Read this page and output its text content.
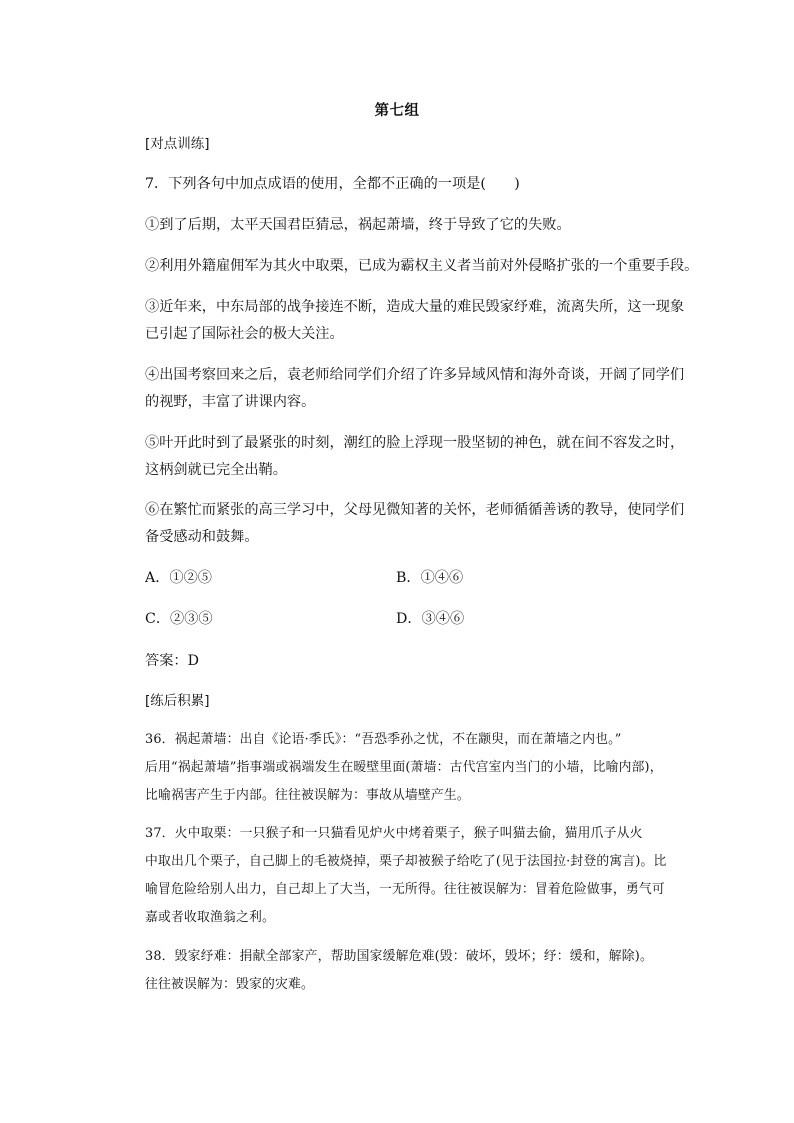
第七组
[对点训练]
7．下列各句中加点成语的使用，全都不正确的一项是(　　)
①到了后期，太平天国君臣猜忌，祸起萧墙，终于导致了它的失败。
②利用外籍雇佣军为其火中取栗，已成为霸权主义者当前对外侵略扩张的一个重要手段。
③近年来，中东局部的战争接连不断，造成大量的难民毁家纾难，流离失所，这一现象
已引起了国际社会的极大关注。
④出国考察回来之后，袁老师给同学们介绍了许多异域风情和海外奇谈，开阔了同学们
的视野，丰富了讲课内容。
⑤叶开此时到了最紧张的时刻，潮红的脸上浮现一股坚韧的神色，就在间不容发之时，
这柄剑就已完全出鞘。
⑥在繁忙而紧张的高三学习中，父母见微知著的关怀，老师循循善诱的教导，使同学们
备受感动和鼓舞。
A．①②⑤	B．①④⑥
C．②③⑤	D．③④⑥
答案：D
[练后积累]
36．祸起萧墙：出自《论语·季氏》：“吾恐季孙之忧，不在颛臾，而在萧墙之内也。”
后用“祸起萧墙”指事端或祸端发生在暧壁里面(萧墙：古代宫室内当门的小墙，比喻内部)，
比喻祸害产生于内部。往往被误解为：事故从墙壁产生。
37．火中取栗：一只猴子和一只猫看见炉火中烤着栗子，猴子叫猫去偷，猫用爪子从火
中取出几个栗子，自己脚上的毛被烧掉，栗子却被猴子给吃了(见于法国拉·封登的寓言)。比
喻冒危险给别人出力，自己却上了大当，一无所得。往往被误解为：冒着危险做事，勇气可
嘉或者收取渔翁之利。
38．毁家纾难：捐献全部家产，帮助国家缓解危难(毁：破坏，毁坏；纾：缓和，解除)。
往往被误解为：毁家的灾难。
